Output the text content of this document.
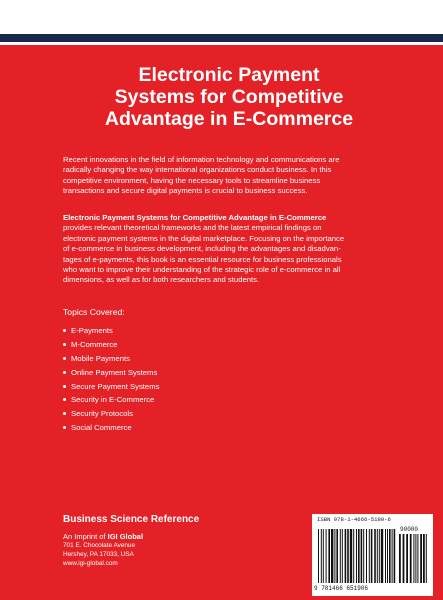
Electronic Payment
Systems for Competitive
Advantage in E-Commerce

Recent innovations in the field of information technology and communications are
radically changing the way international organizations conduct business. In this
competitive environment, having the necessary tools to streamline business
transactions and secure digital payments is crucial to business success.

Electronic Payment Systems for Competitive Advantage in E-Commerce
provides relevant theoretical frameworks and the latest empirical findings on
electronic payment systems in the digital marketplace. Focusing on the importance
of e-commerce in business development, including the advantages and disadvan-
tages of e-payments, this book is an essential resource for business professionals
who want to improve their understanding of the strategic role of e-commerce in all
dimensions, as well as for both researchers and students.

Topics Covered:

E-Payments
M-Commerce
Mobile Payments
Online Payment Systems
Secure Payment Systems
Security in E-Commerce
Security Protocols
Social Commerce

Business Science Reference

An Imprint of IGI Global

701 E. Chocolate Avenue

Hershey, PA 17033, USA

www.igi-global.com

ISBN 978-1-4666-5190-6
90000
9 781466 651906
